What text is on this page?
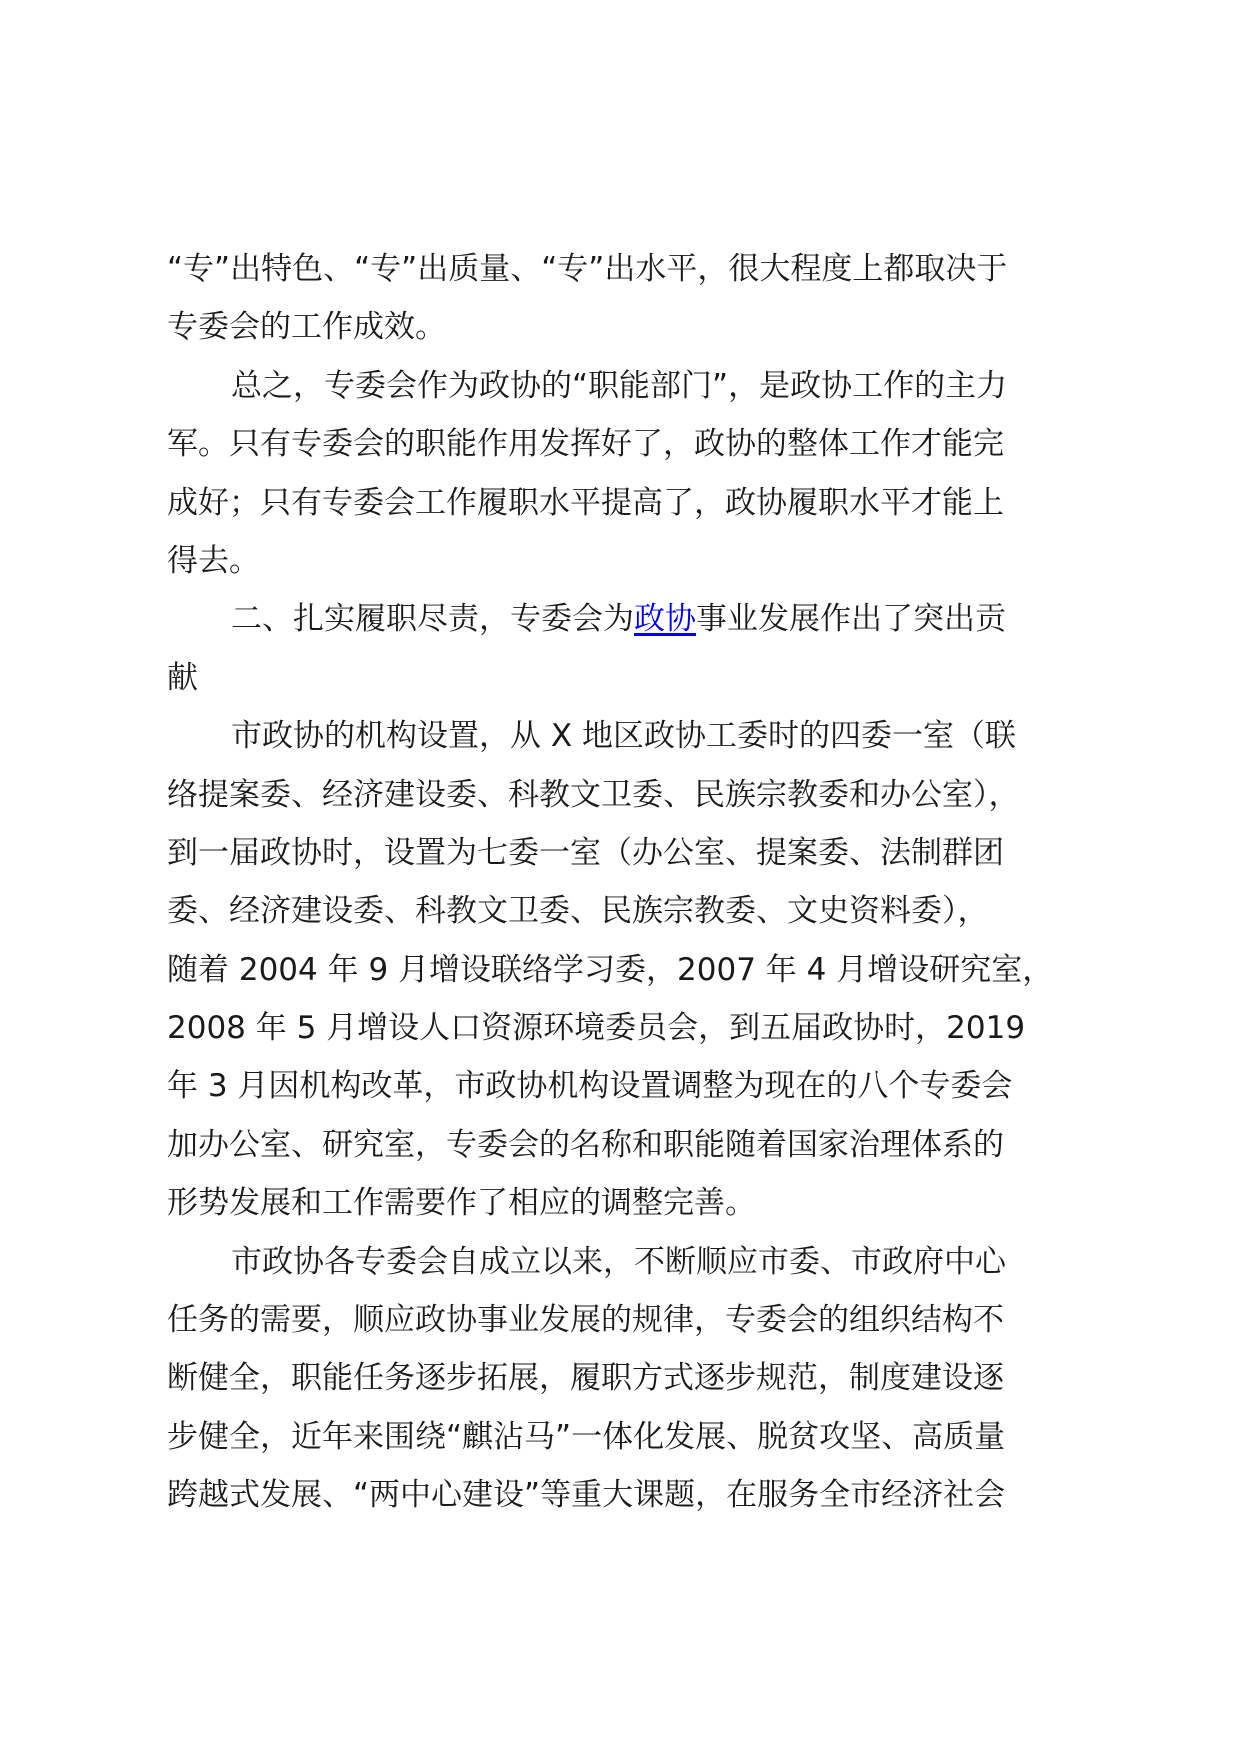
“专”出特色、“专”出质量、“专”出水平，很大程度上都取决于
专委会的工作成效。
总之，专委会作为政协的“职能部门”，是政协工作的主力
军。只有专委会的职能作用发挥好了，政协的整体工作才能完
成好；只有专委会工作履职水平提高了，政协履职水平才能上
得去。
二、扎实履职尽责，专委会为政协事业发展作出了突出贡
献
市政协的机构设置，从 X 地区政协工委时的四委一室（联
络提案委、经济建设委、科教文卫委、民族宗教委和办公室），
到一届政协时，设置为七委一室（办公室、提案委、法制群团
委、经济建设委、科教文卫委、民族宗教委、文史资料委），
随着 2004 年 9 月增设联络学习委，2007 年 4 月增设研究室，
2008 年 5 月增设人口资源环境委员会，到五届政协时，2019
年 3 月因机构改革，市政协机构设置调整为现在的八个专委会
加办公室、研究室，专委会的名称和职能随着国家治理体系的
形势发展和工作需要作了相应的调整完善。
市政协各专委会自成立以来，不断顺应市委、市政府中心
任务的需要，顺应政协事业发展的规律，专委会的组织结构不
断健全，职能任务逐步拓展，履职方式逐步规范，制度建设逐
步健全，近年来围绕“麒沾马”一体化发展、脱贫攻坚、高质量
跨越式发展、“两中心建设”等重大课题，在服务全市经济社会
